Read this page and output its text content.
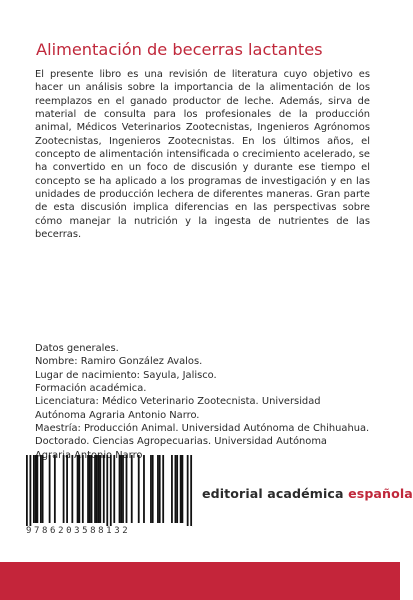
Alimentación de becerras lactantes
El presente libro es una revisión de literatura cuyo objetivo es hacer un análisis sobre la importancia de la alimentación de los reemplazos en el ganado productor de leche. Además, sirva de material de consulta para los profesionales de la producción animal, Médicos Veterinarios Zootecnistas, Ingenieros Agrónomos Zootecnistas, Ingenieros Zootecnistas. En los últimos años, el concepto de alimentación intensificada o crecimiento acelerado, se ha convertido en un foco de discusión y durante ese tiempo el concepto se ha aplicado a los programas de investigación y en las unidades de producción lechera de diferentes maneras. Gran parte de esta discusión implica diferencias en las perspectivas sobre cómo manejar la nutrición y la ingesta de nutrientes de las becerras.
Datos generales.
Nombre: Ramiro González Avalos.
Lugar de nacimiento: Sayula, Jalisco.
Formación académica.
Licenciatura: Médico Veterinario Zootecnista. Universidad Autónoma Agraria Antonio Narro.
Maestría: Producción Animal. Universidad Autónoma de Chihuahua.
Doctorado. Ciencias Agropecuarias. Universidad Autónoma Agraria Antonio Narro.
9786203588132
editorial académica española
